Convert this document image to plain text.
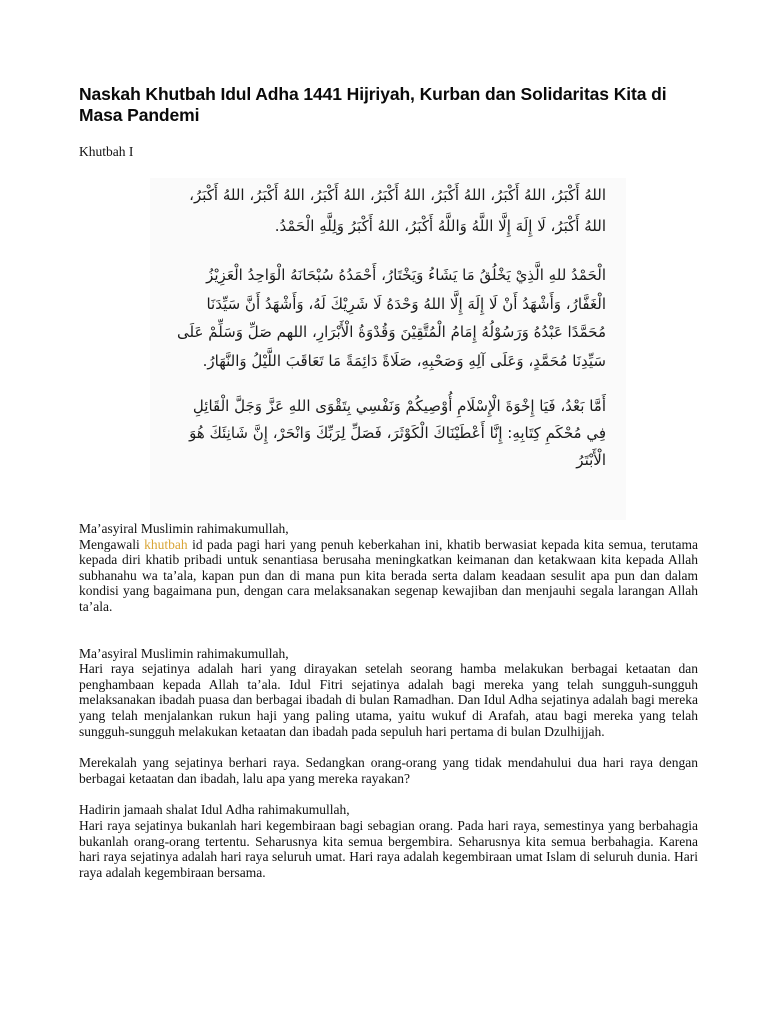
Naskah Khutbah Idul Adha 1441 Hijriyah, Kurban dan Solidaritas Kita di Masa Pandemi
Khutbah I

اللهُ أَكْبَرُ، اللهُ أَكْبَرُ، اللهُ أَكْبَرُ، اللهُ أَكْبَرُ، اللهُ أَكْبَرُ، اللهُ أَكْبَرُ، اللهُ أَكْبَرُ، اللهُ أَكْبَرُ، لَا إِلَهَ إِلَّا اللَّهُ وَاللَّهُ أَكْبَرُ، اللهُ أَكْبَرُ وَلِلَّهِ الْحَمْدُ.

الْحَمْدُ للهِ الَّذِيْ يَخْلُقُ مَا يَشَاءُ وَيَخْتَارُ، أَحْمَدُهُ سُبْحَانَهُ الْوَاحِدُ الْعَزِيْزُ الْغَفَّارُ، وَأَشْهَدُ أَنْ لَا إِلَهَ إِلَّا اللهُ وَحْدَهُ لَا شَرِيْكَ لَهُ، وَأَشْهَدُ أَنَّ سَيِّدَنَا مُحَمَّدًا عَبْدُهُ وَرَسُوْلُهُ إِمَامُ الْمُتَّقِيْنَ وَقُدْوَةُ الْأَبْرَارِ، اللهم صَلِّ وَسَلِّمْ عَلَى سَيِّدِنَا مُحَمَّدٍ، وَعَلَى آلِهِ وَصَحْبِهِ، صَلَاةً دَائِمَةً مَا تَعَاقَبَ اللَّيْلُ وَالنَّهَارُ.

أَمَّا بَعْدُ، فَيَا إِخْوَةَ الْإِسْلَامِ أُوْصِيكُمْ وَنَفْسِي بِتَقْوَى اللهِ عَزَّ وَجَلَّ الْقَائِلِ فِي مُحْكَمِ كِتَابِهِ: إِنَّا أَعْطَيْنَاكَ الْكَوْثَرَ، فَصَلِّ لِرَبِّكَ وَانْحَرْ، إِنَّ شَانِئَكَ هُوَ الْأَبْتَرُ

Ma’asyiral Muslimin rahimakumullah,

Mengawali khutbah id pada pagi hari yang penuh keberkahan ini, khatib berwasiat kepada kita semua, terutama kepada diri khatib pribadi untuk senantiasa berusaha meningkatkan keimanan dan ketakwaan kita kepada Allah subhanahu wa ta’ala, kapan pun dan di mana pun kita berada serta dalam keadaan sesulit apa pun dan dalam kondisi yang bagaimana pun, dengan cara melaksanakan segenap kewajiban dan menjauhi segala larangan Allah ta’ala.

Ma’asyiral Muslimin rahimakumullah,

Hari raya sejatinya adalah hari yang dirayakan setelah seorang hamba melakukan berbagai ketaatan dan penghambaan kepada Allah ta’ala. Idul Fitri sejatinya adalah bagi mereka yang telah sungguh-sungguh melaksanakan ibadah puasa dan berbagai ibadah di bulan Ramadhan. Dan Idul Adha sejatinya adalah bagi mereka yang telah menjalankan rukun haji yang paling utama, yaitu wukuf di Arafah, atau bagi mereka yang telah sungguh-sungguh melakukan ketaatan dan ibadah pada sepuluh hari pertama di bulan Dzulhijjah.

Merekalah yang sejatinya berhari raya. Sedangkan orang-orang yang tidak mendahului dua hari raya dengan berbagai ketaatan dan ibadah, lalu apa yang mereka rayakan?

Hadirin jamaah shalat Idul Adha rahimakumullah,

Hari raya sejatinya bukanlah hari kegembiraan bagi sebagian orang. Pada hari raya, semestinya yang berbahagia bukanlah orang-orang tertentu. Seharusnya kita semua bergembira. Seharusnya kita semua berbahagia. Karena hari raya sejatinya adalah hari raya seluruh umat. Hari raya adalah kegembiraan umat Islam di seluruh dunia. Hari raya adalah kegembiraan bersama.
